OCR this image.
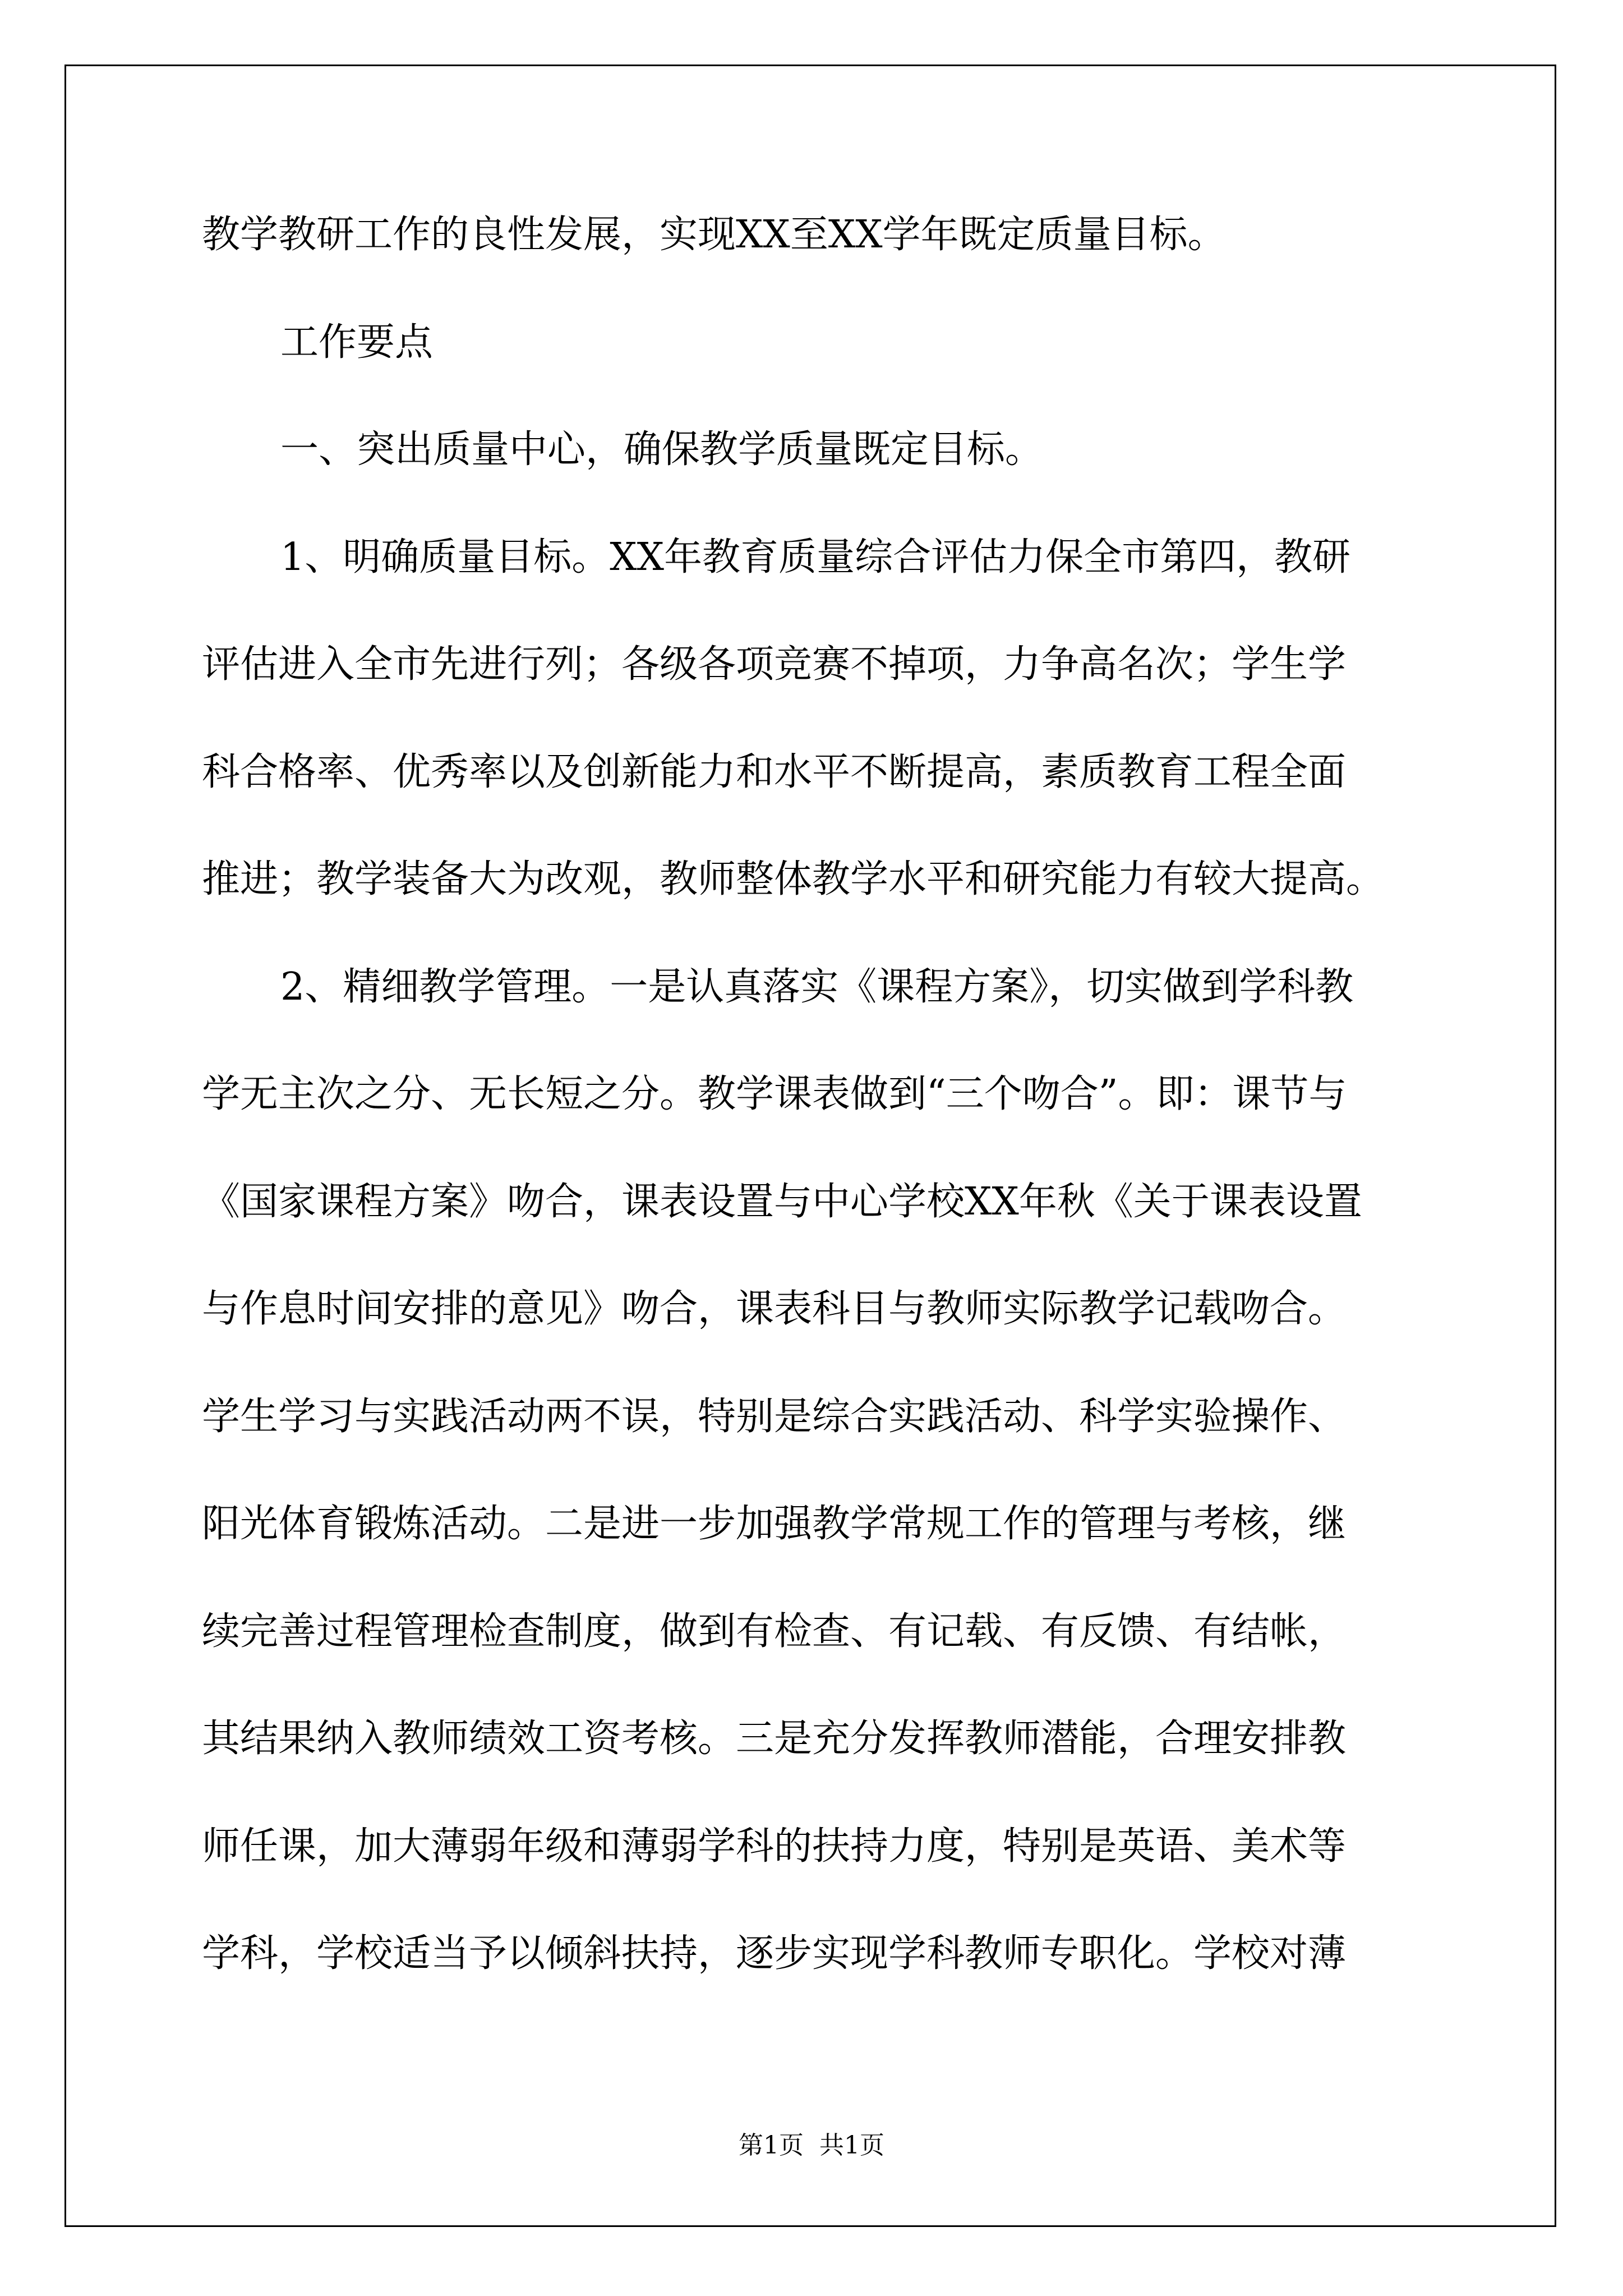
教学教研工作的良性发展，实现XX至XX学年既定质量目标。
工作要点
一、突出质量中心，确保教学质量既定目标。
1、明确质量目标。XX年教育质量综合评估力保全市第四，教研
评估进入全市先进行列；各级各项竞赛不掉项，力争高名次；学生学
科合格率、优秀率以及创新能力和水平不断提高，素质教育工程全面
推进；教学装备大为改观，教师整体教学水平和研究能力有较大提高。
2、精细教学管理。一是认真落实《课程方案》，切实做到学科教
学无主次之分、无长短之分。教学课表做到“三个吻合”。即：课节与
《国家课程方案》吻合，课表设置与中心学校XX年秋《关于课表设置
与作息时间安排的意见》吻合，课表科目与教师实际教学记载吻合。
学生学习与实践活动两不误，特别是综合实践活动、科学实验操作、
阳光体育锻炼活动。二是进一步加强教学常规工作的管理与考核，继
续完善过程管理检查制度，做到有检查、有记载、有反馈、有结帐，
其结果纳入教师绩效工资考核。三是充分发挥教师潜能，合理安排教
师任课，加大薄弱年级和薄弱学科的扶持力度，特别是英语、美术等
学科，学校适当予以倾斜扶持，逐步实现学科教师专职化。学校对薄
第1页  共1页
